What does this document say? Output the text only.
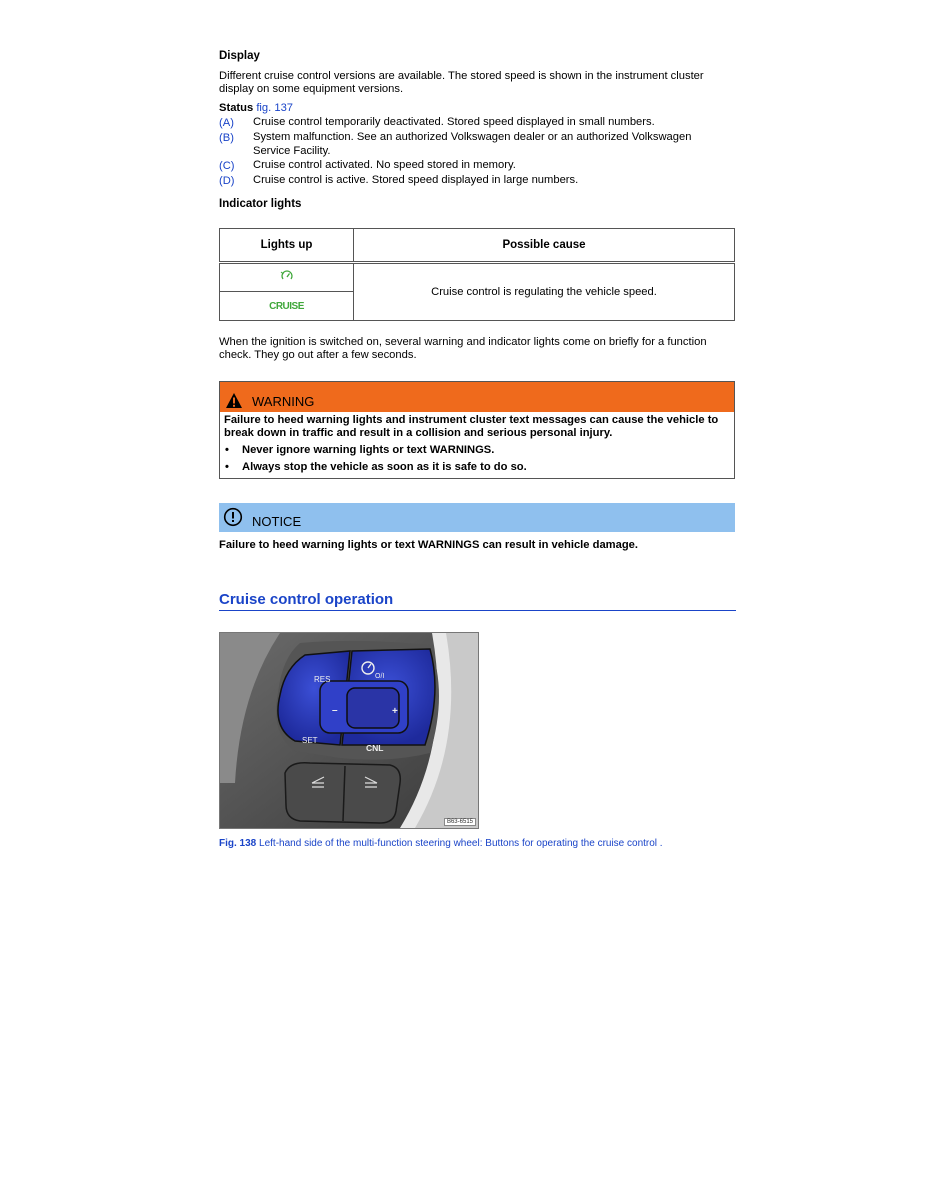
Display

Different cruise control versions are available. The stored speed is shown in the instrument cluster

display on some equipment versions.

Status fig. 137

(A)	Cruise control temporarily deactivated. Stored speed displayed in small numbers.
(B)	System malfunction. See an authorized Volkswagen dealer or an authorized Volkswagen Service Facility.
(C)	Cruise control activated. No speed stored in memory.
(D)	Cruise control is active. Stored speed displayed in large numbers.

Indicator lights

Lights up	Possible cause
	Cruise control is regulating the vehicle speed.
CRUISE	

When the ignition is switched on, several warning and indicator lights come on briefly for a function

check. They go out after a few seconds.

WARNING

Failure to heed warning lights and instrument cluster text messages can cause the vehicle to

break down in traffic and result in a collision and serious personal injury.

•	Never ignore warning lights or text WARNINGS.
•	Always stop the vehicle as soon as it is safe to do so.
NOTICE

Failure to heed warning lights or text WARNINGS can result in vehicle damage.

Cruise control operation
O/I
RES
SET
CNL
–	+
B63-6515

Fig. 138 Left-hand side of the multi-function steering wheel: Buttons for operating the cruise control .
